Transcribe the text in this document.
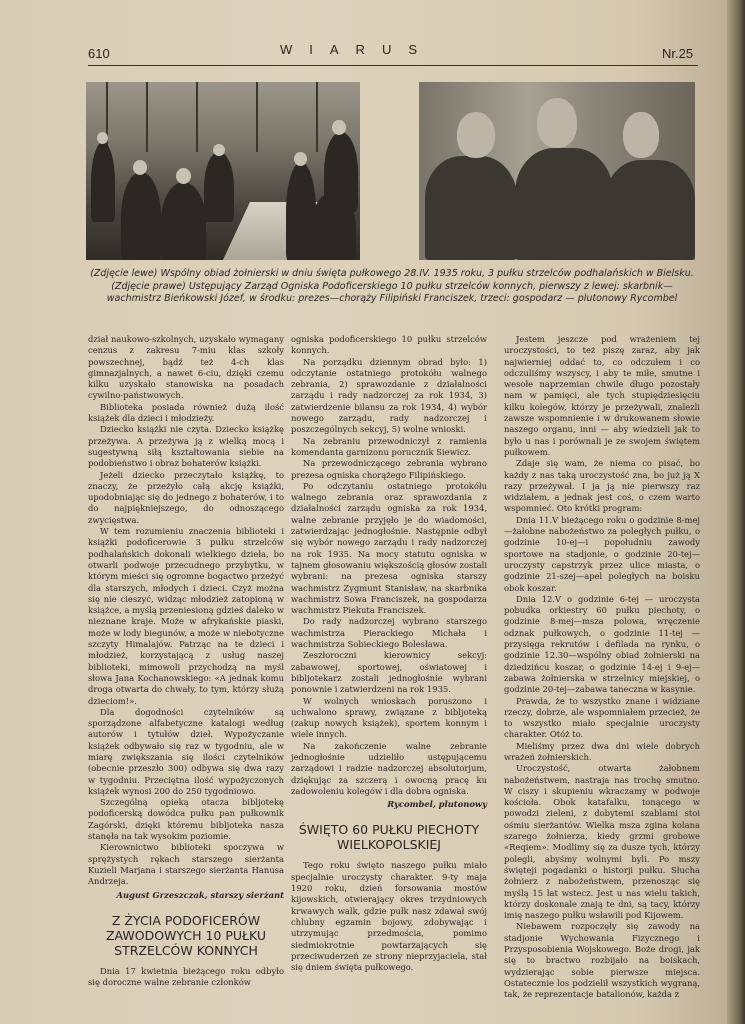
610	WIARUS	Nr.25
(Zdjęcie lewe) Wspólny obiad żołnierski w dniu święta pułkowego 28.IV. 1935 roku, 3 pułku strzelców podhalańskich w Bielsku. (Zdjęcie prawe) Ustępujący Zarząd Ogniska Podoficerskiego 10 pułku strzelców konnych, pierwszy z lewej: skarbnik—wachmistrz Bieńkowski Józef, w środku: prezes—chorąży Filipiński Franciszek, trzeci: gospodarz — plutonowy Rycombel

dział naukowo-szkolnych, uzyskało wymagany cenzus z zakresu 7-miu klas szkoły powszechnej, bądź też 4-ch klas gimnazjalnych, a nawet 6-ciu, dzięki czemu kilku uzyskało stanowiska na posadach cywilno-państwowych.

Biblioteka posiada również dużą ilość książek dla dzieci i młodzieży.

Dziecko książki nie czyta. Dziecko książkę przeżywa. A przeżywa ją z wielką mocą i sugestywną siłą kształtowania siebie na podobieństwo i obraz bohaterów książki.

Jeżeli dziecko przeczytało książkę, to znaczy, że przeżyło całą akcję książki, upodobniając się do jednego z bohaterów, i to do najpiękniejszego, do odnoszącego zwycięstwa.

W tem rozumieniu znaczenia biblioteki i książki podoficerowie 3 pułku strzelców podhalańskich dokonali wielkiego dzieła, bo otwarli podwoje przecudnego przybytku, w którym mieści się ogromne bogactwo przeżyć dla starszych, młodych i dzieci. Czyż można się nie cieszyć, widząc młodzież zatopioną w książce, a myślą przeniesioną gdzieś daleko w nieznane kraje. Może w afrykańskie piaski, może w lody biegunów, a może w niebotyczne szczyty Himalajów. Patrząc na te dzieci i młodzież, korzystającą z usług naszej biblioteki, mimowoli przychodzą na myśl słowa Jana Kochanowskiego: «A jednak komu droga otwarta do chwały, to tym, którzy służą dzieciom!».

Dla dogodności czytelników są sporządzone alfabetyczne katalogi według autorów i tytułów dzieł. Wypożyczanie książek odbywało się raz w tygodniu, ale w miarę zwiększania się ilości czytelników (obecnie przeszło 300) odbywa się dwa razy w tygodniu. Przeciętna ilość wypożyczonych książek wynosi 200 do 250 tygodniowo.

Szczególną opieką otacza bibljotekę podoficerską dowódca pułku pan pułkownik Zagórski, dzięki któremu bibljoteka nasza stanęła na tak wysokim poziomie.

Kierownictwo biblioteki spoczywa w sprężystych rękach starszego sierżanta Kuzieli Marjana i starszego sierżanta Hanusa Andrzeja.

August Grzeszczak, starszy sierżant

Z ŻYCIA PODOFICERÓW ZAWODOWYCH 10 PUŁKU STRZELCÓW KONNYCH

Dnia 17 kwietnia bieżącego roku odbyło się doroczne walne zebranie członków

ogniska podoficerskiego 10 pułku strzelców konnych.

Na porządku dziennym obrad było: 1) odczytanie ostatniego protokółu walnego zebrania, 2) sprawozdanie z działalności zarządu i rady nadzorczej za rok 1934, 3) zatwierdzenie bilansu za rok 1934, 4) wybór nowego zarządu, rady nadzorczej i poszczególnych sekcyj, 5) wolne wnioski.

Na zebraniu przewodniczył z ramienia komendanta garnizonu porucznik Siewicz.

Na przewodniczącego zebrania wybrano prezesa ogniska chorążego Filipińskiego.

Po odczytaniu ostatniego protokółu walnego zebrania oraz sprawozdania z działalności zarządu ogniska za rok 1934, walne zebranie przyjęło je do wiadomości, zatwierdzając jednogłośnie. Następnie odbył się wybór nowego zarządu i rady nadzorczej na rok 1935. Na mocy statutu ogniska w tajnem głosowaniu większością głosów zostali wybrani: na prezesa ogniska starszy wachmistrz Zygmunt Stanisław, na skarbnika wachmistrz Sowa Franciszek, na gospodarza wachmistrz Piekuta Franciszek.

Do rady nadzorczej wybrano starszego wachmistrza Pierackiego Michała i wachmistrza Sobieckiego Bolesława.

Zeszłoroczni kierownicy sekcyj: zabawowej, sportowej, oświatowej i bibljotekarz zostali jednogłośnie wybrani ponownie i zatwierdzeni na rok 1935.

W wolnych wnioskach poruszono i uchwalono sprawy, związane z bibljoteką (zakup nowych książek), sportem konnym i wiele innych.

Na zakończenie walne zebranie jednogłośnie udzieliło ustępującemu zarządowi i radzie nadzorczej absolutorjum, dziękując za szczerą i owocną pracę ku zadowoleniu kolegów i dla dobra ogniska.

Rycombel, plutonowy

ŚWIĘTO 60 PUŁKU PIECHOTY WIELKOPOLSKIEJ

Tego roku święto naszego pułku miało specjalnie uroczysty charakter. 9-ty maja 1920 roku, dzień forsowania mostów kijowskich, otwierający okres trzydniowych krwawych walk, gdzie pułk nasz zdawał swój chlubny egzamin bojowy, zdobywając i utrzymując przedmościa, pomimo siedmiokrotnie powtarzających się przeciwuderzeń ze strony nieprzyjaciela, stał się dniem święta pułkowego.

Jestem jeszcze pod wrażeniem tej uroczystości, to też piszę zaraz, aby jak najwierniej oddać to, co odczułem i co odczuliśmy wszyscy, i aby te miłe, smutne i wesołe naprzemian chwile długo pozostały nam w pamięci, ale tych stupiędziesięciu kilku kolegów, którzy je przeżywali, znalezli zawsze wspomnienie i w drukowanem słowie naszego organu, inni — aby wiedzieli jak to było u nas i porównali je ze swojem świętem pułkowem.

Zdaje się wam, że niema co pisać, bo każdy z nas taką uroczystość zna, bo już ją X razy przeżywał. I ja ją nie pierwszy raz widziałem, a jednak jest coś, o czem warto wspomnieć. Oto krótki program:

Dnia 11.V bieżącego roku o godzinie 8-mej—żałobne nabożeństwo za poległych pułku, o godzinie 10-ej—i popołudniu zawody sportowe na stadjonie, o godzinie 20-tej—uroczysty capstrzyk przez ulice miasta, o godzinie 21-szej—apel poległych na boisku obok koszar.

Dnia 12.V o godzinie 6-tej — uroczysta pobudka orkiestry 60 pułku piechoty, o godzinie 8-mej—msza polowa, wręczenie odznak pułkowych, o godzinie 11-tej — przysięga rekrutów i defilada na rynku, o godzinie 12.30—wspólny obiad żołnierski na dziedzińcu koszar, o godzinie 14-ej i 9-ej—zabawa żołnierska w strzelnicy miejskiej, o godzinie 20-tej—zabawa taneczna w kasynie.

Prawda, że to wszystko znane i widziane rzeczy, dobrze, ale wspomniałem przecież, że to wszystko miało specjalnie uroczysty charakter. Otóż to.

Mieliśmy przez dwa dni wiele dobrych wrażeń żołnierskich.

Uroczystość, otwarta żałobnem nabożeństwem, nastraja nas trochę smutno. W ciszy i skupieniu wkraczamy w podwoje kościoła. Obok katafalku, tonącego w powodzi zieleni, z dobytemi szablami stoi ośmiu sierżantów. Wielka msza zgina kolana szarego żołnierza, kiedy grzmi grobowe «Reqiem». Modlimy się za dusze tych, którzy polegli, abyśmy wolnymi byli. Po mszy święteji pogadanki o historji pułku. Słucha żołnierz z nabożeństwem, przenosząc się myślą 15 lat wstecz. Jest u nas wielu takich, którzy doskonale znają te dni, są tacy, którzy imię naszego pułku wsławili pod Kijowem.

Niebawem rozpoczęły się zawody na stadjonie Wychowania Fizycznego i Przysposobienia Wojskowego. Boże drogi, jak się to bractwo rozbijało na boiskach, wydzierając sobie pierwsze miejsca. Ostatecznie los podzielił wszystkich wygraną, tak, że reprezentacje batalionów, każda z
